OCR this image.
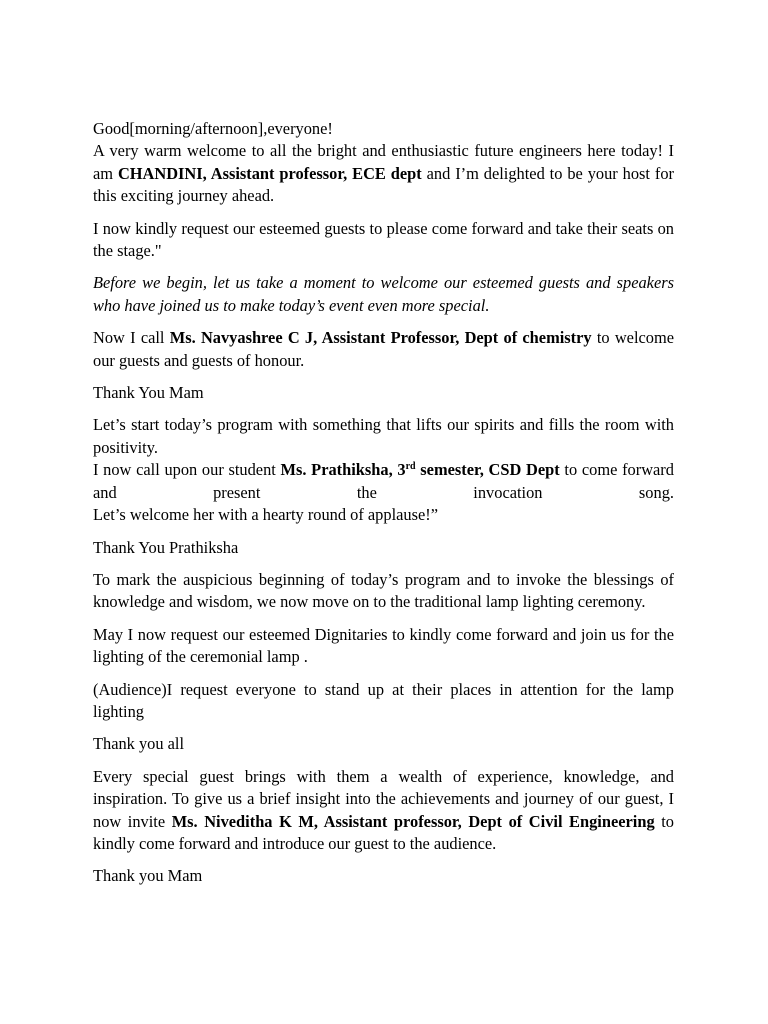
Good[morning/afternoon],everyone!

A very warm welcome to all the bright and enthusiastic future engineers here today! I am CHANDINI, Assistant professor, ECE dept and I’m delighted to be your host for this exciting journey ahead.

I now kindly request our esteemed guests to please come forward and take their seats on the stage."

Before we begin, let us take a moment to welcome our esteemed guests and speakers who have joined us to make today’s event even more special.

Now I call Ms. Navyashree C J, Assistant Professor, Dept of chemistry to welcome our guests and guests of honour.

Thank You Mam

Let’s start today’s program with something that lifts our spirits and fills the room with positivity.
I now call upon our student Ms. Prathiksha, 3rd semester, CSD Dept to come forward and present the invocation song.
Let’s welcome her with a hearty round of applause!”

Thank You Prathiksha

To mark the auspicious beginning of today’s program and to invoke the blessings of knowledge and wisdom, we now move on to the traditional lamp lighting ceremony.

May I now request our esteemed Dignitaries to kindly come forward and join us for the lighting of the ceremonial lamp .

(Audience)I request everyone to stand up at their places in attention for the lamp lighting

Thank you all

Every special guest brings with them a wealth of experience, knowledge, and inspiration. To give us a brief insight into the achievements and journey of our guest, I now invite Ms. Niveditha K M, Assistant professor, Dept of Civil Engineering to kindly come forward and introduce our guest to the audience.

Thank you Mam
